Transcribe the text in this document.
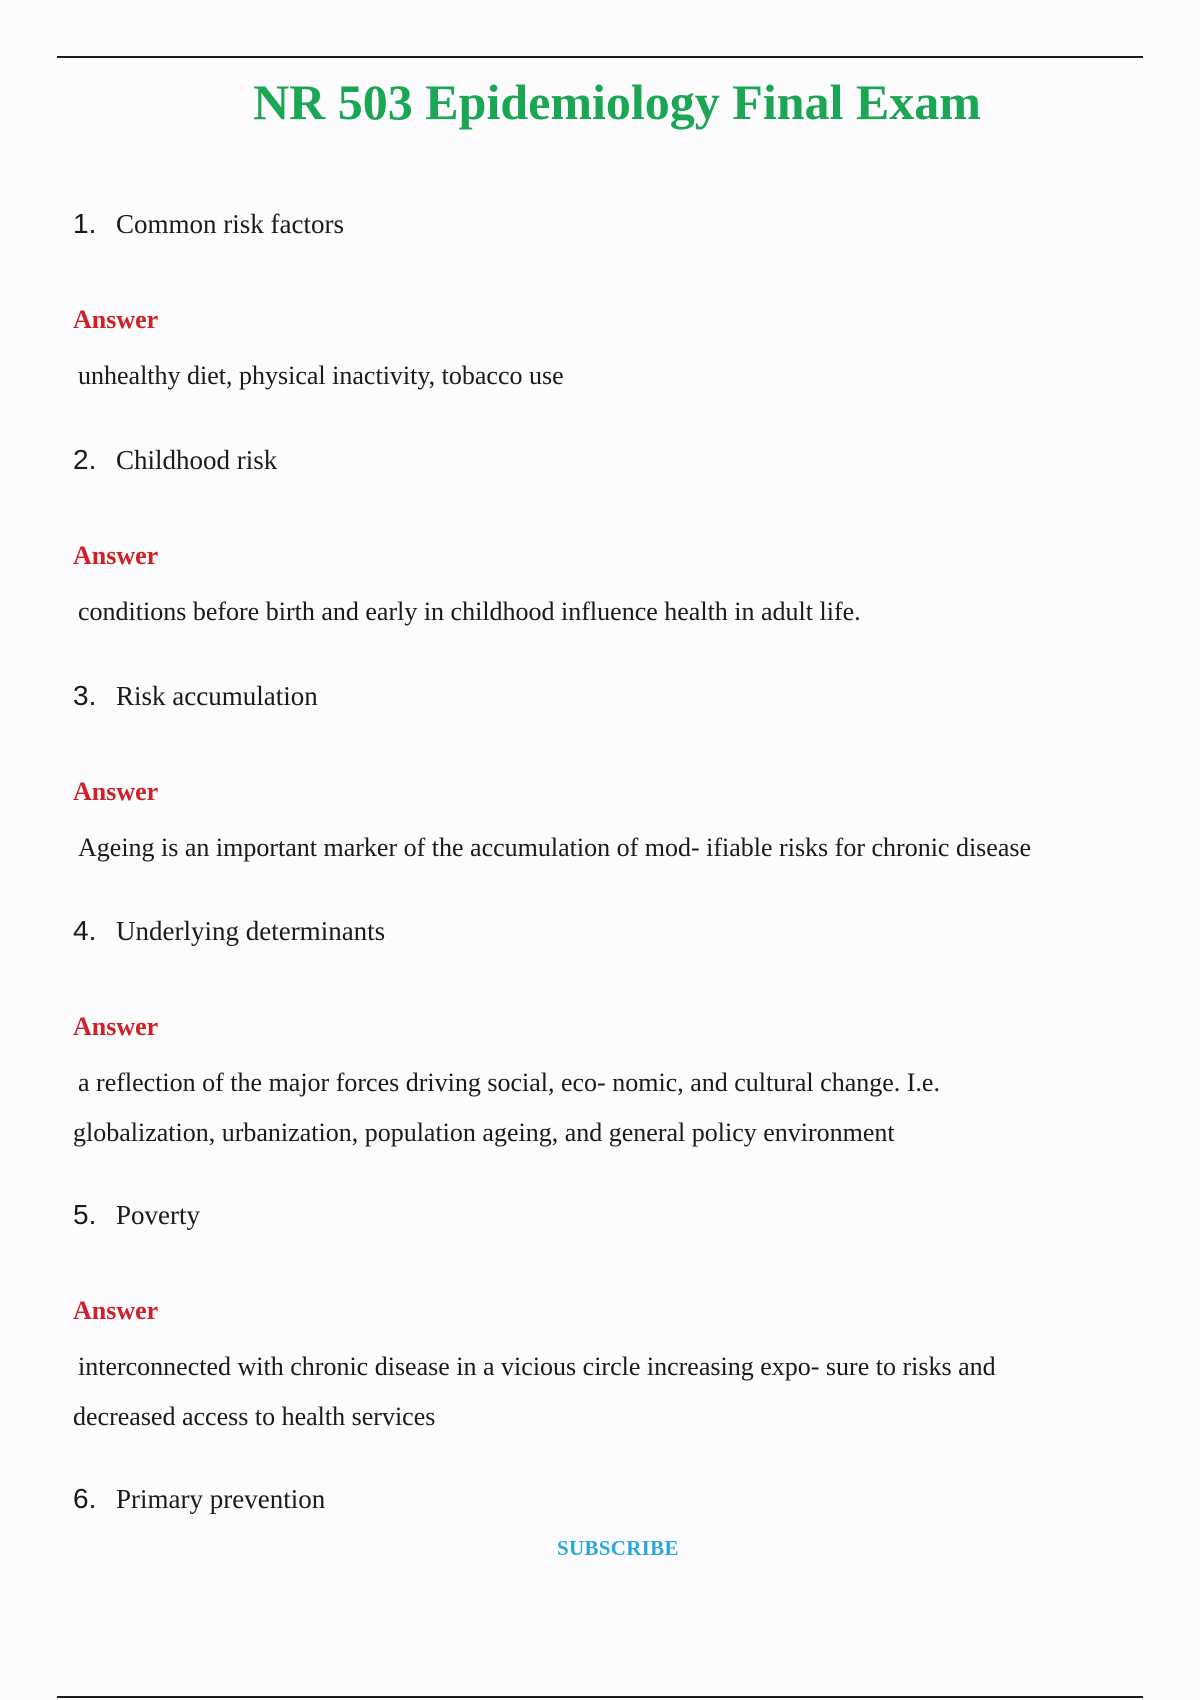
NR 503 Epidemiology Final Exam
1. Common risk factors
Answer
unhealthy diet, physical inactivity, tobacco use
2. Childhood risk
Answer
conditions before birth and early in childhood influence health in adult life.
3. Risk accumulation
Answer
Ageing is an important marker of the accumulation of mod- ifiable risks for chronic disease
4. Underlying determinants
Answer
a reflection of the major forces driving social, eco- nomic, and cultural change. I.e.
globalization, urbanization, population ageing, and general policy environment
5. Poverty
Answer
interconnected with chronic disease in a vicious circle increasing expo- sure to risks and
decreased access to health services
6. Primary prevention
SUBSCRIBE
